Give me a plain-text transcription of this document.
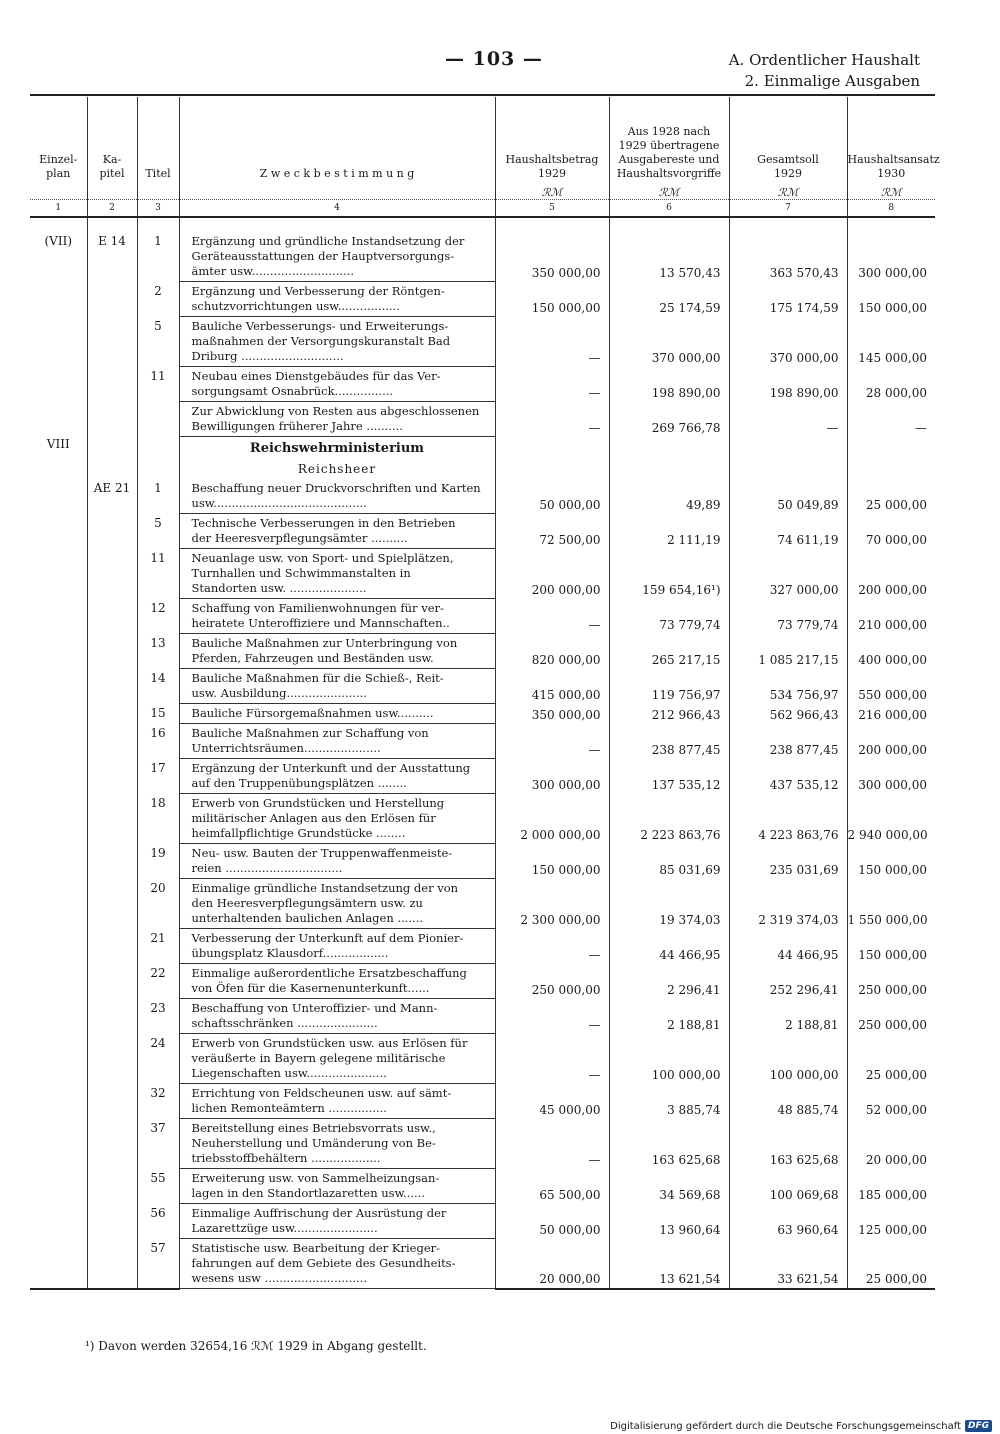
— 103 —	A. Ordentlicher Haushalt
2. Einmalige Ausgaben
Einzel-
plan	Ka-
pitel	Titel	Z w e c k b e s t i m m u n g	Haushaltsbetrag
1929	Aus 1928 nach
1929 übertragene
Ausgabereste und
Haushaltsvorgriffe	Gesamtsoll
1929	Haushaltsansatz
1930
				ℛℳ	ℛℳ	ℛℳ	ℛℳ
1	2	3	4	5	6	7	8

(VII)	E 14	1	Ergänzung und gründliche Instandsetzung der
Geräteausstattungen der Hauptversorgungs-
ämter usw............................	350 000,00	13 570,43	363 570,43	300 000,00
		2	Ergänzung und Verbesserung der Röntgen-
schutzvorrichtungen usw.................	150 000,00	25 174,59	175 174,59	150 000,00
		5	Bauliche Verbesserungs- und Erweiterungs-
maßnahmen der Versorgungskuranstalt Bad
Driburg ............................	—	370 000,00	370 000,00	145 000,00
		11	Neubau eines Dienstgebäudes für das Ver-
sorgungsamt Osnabrück................	—	198 890,00	198 890,00	28 000,00

			Zur Abwicklung von Resten aus abgeschlossenen
Bewilligungen früherer Jahre ..........	—	269 766,78	—	—
VIII			Reichswehrministerium				
			Reichsheer				
	AE 21	1	Beschaffung neuer Druckvorschriften und Karten
usw..........................................	50 000,00	49,89	50 049,89	25 000,00
		5	Technische Verbesserungen in den Betrieben
der Heeresverpflegungsämter ..........	72 500,00	2 111,19	74 611,19	70 000,00
		11	Neuanlage usw. von Sport- und Spielplätzen,
Turnhallen und Schwimmanstalten in
Standorten usw. .....................	200 000,00	159 654,16¹)	327 000,00	200 000,00
		12	Schaffung von Familienwohnungen für ver-
heiratete Unteroffiziere und Mannschaften..	—	73 779,74	73 779,74	210 000,00
		13	Bauliche Maßnahmen zur Unterbringung von
Pferden, Fahrzeugen und Beständen usw.	820 000,00	265 217,15	1 085 217,15	400 000,00
		14	Bauliche Maßnahmen für die Schieß-, Reit-
usw. Ausbildung......................	415 000,00	119 756,97	534 756,97	550 000,00
		15	Bauliche Fürsorgemaßnahmen usw..........	350 000,00	212 966,43	562 966,43	216 000,00
		16	Bauliche Maßnahmen zur Schaffung von
Unterrichtsräumen.....................	—	238 877,45	238 877,45	200 000,00
		17	Ergänzung der Unterkunft und der Ausstattung
auf den Truppenübungsplätzen ........	300 000,00	137 535,12	437 535,12	300 000,00
		18	Erwerb von Grundstücken und Herstellung
militärischer Anlagen aus den Erlösen für
heimfallpflichtige Grundstücke ........	2 000 000,00	2 223 863,76	4 223 863,76	2 940 000,00
		19	Neu- usw. Bauten der Truppenwaffenmeiste-
reien ................................	150 000,00	85 031,69	235 031,69	150 000,00
		20	Einmalige gründliche Instandsetzung der von
den Heeresverpflegungsämtern usw. zu
unterhaltenden baulichen Anlagen .......	2 300 000,00	19 374,03	2 319 374,03	1 550 000,00
		21	Verbesserung der Unterkunft auf dem Pionier-
übungsplatz Klausdorf..................	—	44 466,95	44 466,95	150 000,00
		22	Einmalige außerordentliche Ersatzbeschaffung
von Öfen für die Kasernenunterkunft......	250 000,00	2 296,41	252 296,41	250 000,00
		23	Beschaffung von Unteroffizier- und Mann-
schaftsschränken ......................	—	2 188,81	2 188,81	250 000,00
		24	Erwerb von Grundstücken usw. aus Erlösen für
veräußerte in Bayern gelegene militärische
Liegenschaften usw......................	—	100 000,00	100 000,00	25 000,00
		32	Errichtung von Feldscheunen usw. auf sämt-
lichen Remonteämtern ................	45 000,00	3 885,74	48 885,74	52 000,00
		37	Bereitstellung eines Betriebsvorrats usw.,
Neuherstellung und Umänderung von Be-
triebsstoffbehältern ...................	—	163 625,68	163 625,68	20 000,00
		55	Erweiterung usw. von Sammelheizungsan-
lagen in den Standortlazaretten usw......	65 500,00	34 569,68	100 069,68	185 000,00
		56	Einmalige Auffrischung der Ausrüstung der
Lazarettzüge usw.......................	50 000,00	13 960,64	63 960,64	125 000,00
		57	Statistische usw. Bearbeitung der Krieger-
fahrungen auf dem Gebiete des Gesundheits-
wesens usw ............................	20 000,00	13 621,54	33 621,54	25 000,00
¹) Davon werden 32654,16 ℛℳ 1929 in Abgang gestellt.
Digitalisierung gefördert durch die Deutsche Forschungsgemeinschaft DFG
